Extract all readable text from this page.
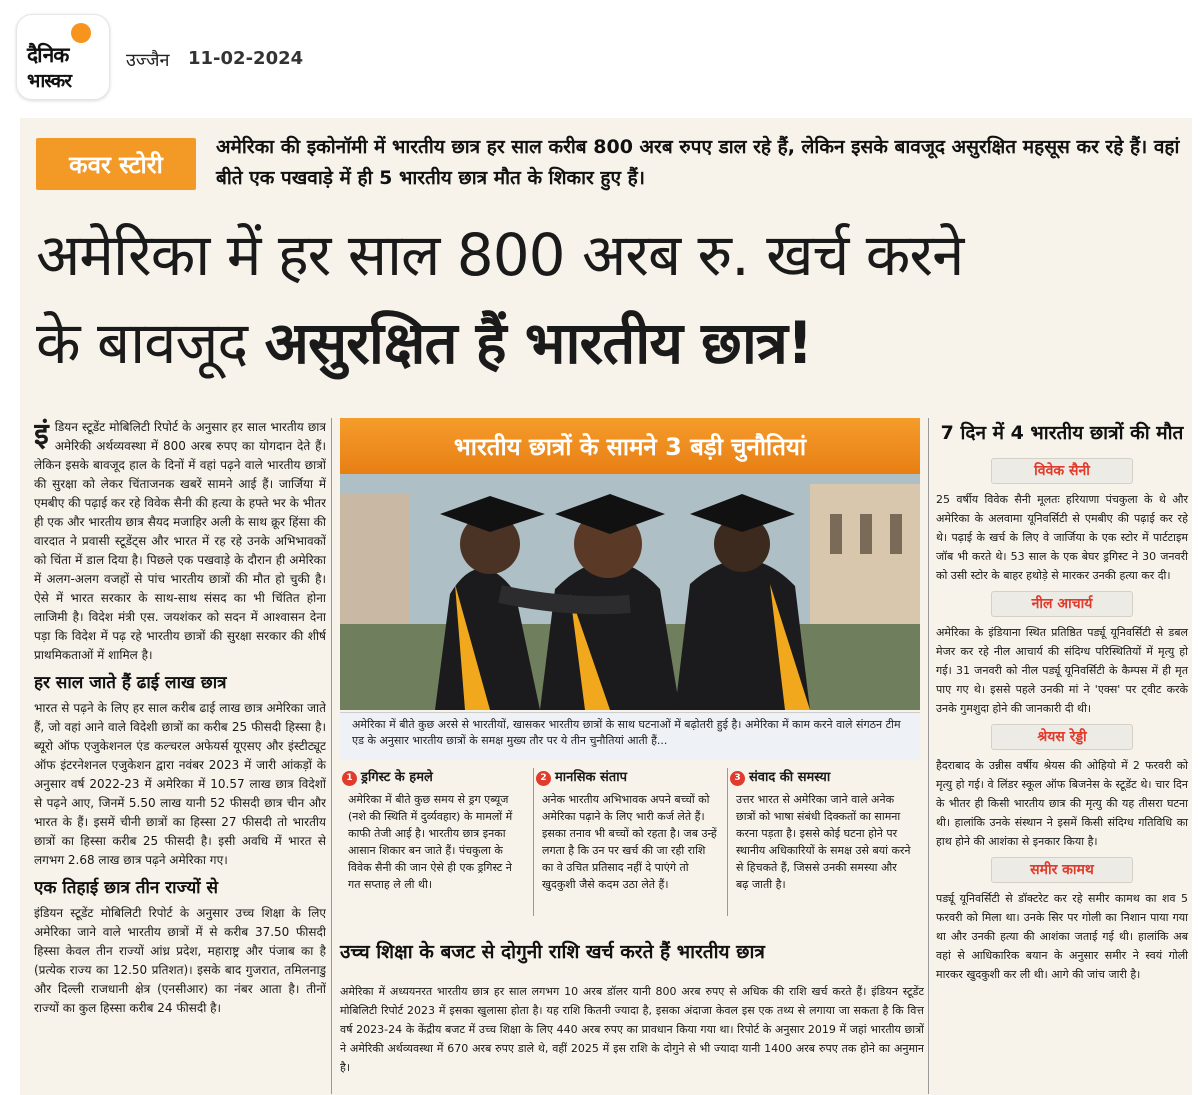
दैनिक
भास्कर
उज्जैन 11-02-2024
कवर स्टोरी
अमेरिका की इकोनॉमी में भारतीय छात्र हर साल करीब 800 अरब रुपए डाल रहे हैं, लेकिन इसके बावजूद असुरक्षित महसूस कर रहे हैं। वहां बीते एक पखवाड़े में ही 5 भारतीय छात्र मौत के शिकार हुए हैं।
अमेरिका में हर साल 800 अरब रु. खर्च करने
के बावजूद असुरक्षित हैं भारतीय छात्र!

इंडियन स्टूडेंट मोबिलिटी रिपोर्ट के अनुसार हर साल भारतीय छात्र अमेरिकी अर्थव्यवस्था में 800 अरब रुपए का योगदान देते हैं। लेकिन इसके बावजूद हाल के दिनों में वहां पढ़ने वाले भारतीय छात्रों की सुरक्षा को लेकर चिंताजनक खबरें सामने आई हैं। जार्जिया में एमबीए की पढ़ाई कर रहे विवेक सैनी की हत्या के हफ्ते भर के भीतर ही एक और भारतीय छात्र सैयद मजाहिर अली के साथ क्रूर हिंसा की वारदात ने प्रवासी स्टूडेंट्स और भारत में रह रहे उनके अभिभावकों को चिंता में डाल दिया है। पिछले एक पखवाड़े के दौरान ही अमेरिका में अलग-अलग वजहों से पांच भारतीय छात्रों की मौत हो चुकी है। ऐसे में भारत सरकार के साथ-साथ संसद का भी चिंतित होना लाजिमी है। विदेश मंत्री एस. जयशंकर को सदन में आश्वासन देना पड़ा कि विदेश में पढ़ रहे भारतीय छात्रों की सुरक्षा सरकार की शीर्ष प्राथमिकताओं में शामिल है।

हर साल जाते हैं ढाई लाख छात्र

भारत से पढ़ने के लिए हर साल करीब ढाई लाख छात्र अमेरिका जाते हैं, जो वहां आने वाले विदेशी छात्रों का करीब 25 फीसदी हिस्सा है। ब्यूरो ऑफ एजुकेशनल एंड कल्चरल अफेयर्स यूएसए और इंस्टीट्यूट ऑफ इंटरनेशनल एजुकेशन द्वारा नवंबर 2023 में जारी आंकड़ों के अनुसार वर्ष 2022-23 में अमेरिका में 10.57 लाख छात्र विदेशों से पढ़ने आए, जिनमें 5.50 लाख यानी 52 फीसदी छात्र चीन और भारत के हैं। इसमें चीनी छात्रों का हिस्सा 27 फीसदी तो भारतीय छात्रों का हिस्सा करीब 25 फीसदी है। इसी अवधि में भारत से लगभग 2.68 लाख छात्र पढ़ने अमेरिका गए।

एक तिहाई छात्र तीन राज्यों से

इंडियन स्टूडेंट मोबिलिटी रिपोर्ट के अनुसार उच्च शिक्षा के लिए अमेरिका जाने वाले भारतीय छात्रों में से करीब 37.50 फीसदी हिस्सा केवल तीन राज्यों आंध्र प्रदेश, महाराष्ट्र और पंजाब का है (प्रत्येक राज्य का 12.50 प्रतिशत)। इसके बाद गुजरात, तमिलनाडु और दिल्ली राजधानी क्षेत्र (एनसीआर) का नंबर आता है। तीनों राज्यों का कुल हिस्सा करीब 24 फीसदी है।

भारतीय छात्रों के सामने 3 बड़ी चुनौतियां
अमेरिका में बीते कुछ अरसे से भारतीयों, खासकर भारतीय छात्रों के साथ घटनाओं में बढ़ोतरी हुई है। अमेरिका में काम करने वाले संगठन टीम एड के अनुसार भारतीय छात्रों के समक्ष मुख्य तौर पर ये तीन चुनौतियां आती हैं...
1 ड्रगिस्ट के हमले

अमेरिका में बीते कुछ समय से ड्रग एब्यूज (नशे की स्थिति में दुर्व्यवहार) के मामलों में काफी तेजी आई है। भारतीय छात्र इनका आसान शिकार बन जाते हैं। पंचकुला के विवेक सैनी की जान ऐसे ही एक ड्रगिस्ट ने गत सप्ताह ले ली थी।

2 मानसिक संताप

अनेक भारतीय अभिभावक अपने बच्चों को अमेरिका पढ़ाने के लिए भारी कर्ज लेते हैं। इसका तनाव भी बच्चों को रहता है। जब उन्हें लगता है कि उन पर खर्च की जा रही राशि का वे उचित प्रतिसाद नहीं दे पाएंगे तो खुदकुशी जैसे कदम उठा लेते हैं।

3 संवाद की समस्या

उत्तर भारत से अमेरिका जाने वाले अनेक छात्रों को भाषा संबंधी दिक्कतों का सामना करना पड़ता है। इससे कोई घटना होने पर स्थानीय अधिकारियों के समक्ष उसे बयां करने से हिचकते हैं, जिससे उनकी समस्या और बढ़ जाती है।

उच्च शिक्षा के बजट से दोगुनी राशि खर्च करते हैं भारतीय छात्र
अमेरिका में अध्ययनरत भारतीय छात्र हर साल लगभग 10 अरब डॉलर यानी 800 अरब रुपए से अधिक की राशि खर्च करते हैं। इंडियन स्टूडेंट मोबिलिटी रिपोर्ट 2023 में इसका खुलासा होता है। यह राशि कितनी ज्यादा है, इसका अंदाजा केवल इस एक तथ्य से लगाया जा सकता है कि वित्त वर्ष 2023-24 के केंद्रीय बजट में उच्च शिक्षा के लिए 440 अरब रुपए का प्रावधान किया गया था। रिपोर्ट के अनुसार 2019 में जहां भारतीय छात्रों ने अमेरिकी अर्थव्यवस्था में 670 अरब रुपए डाले थे, वहीं 2025 में इस राशि के दोगुने से भी ज्यादा यानी 1400 अरब रुपए तक होने का अनुमान है।
7 दिन में 4 भारतीय छात्रों की मौत
विवेक सैनी

25 वर्षीय विवेक सैनी मूलतः हरियाणा पंचकुला के थे और अमेरिका के अलवामा यूनिवर्सिटी से एमबीए की पढ़ाई कर रहे थे। पढ़ाई के खर्च के लिए वे जार्जिया के एक स्टोर में पार्टटाइम जॉब भी करते थे। 53 साल के एक बेघर ड्रगिस्ट ने 30 जनवरी को उसी स्टोर के बाहर हथोड़े से मारकर उनकी हत्या कर दी।

नील आचार्य

अमेरिका के इंडियाना स्थित प्रतिष्ठित पर्ड्यू यूनिवर्सिटी से डबल मेजर कर रहे नील आचार्य की संदिग्ध परिस्थितियों में मृत्यु हो गई। 31 जनवरी को नील पर्ड्यू यूनिवर्सिटी के कैम्पस में ही मृत पाए गए थे। इससे पहले उनकी मां ने 'एक्स' पर ट्वीट करके उनके गुमशुदा होने की जानकारी दी थी।

श्रेयस रेड्डी

हैदराबाद के उन्नीस वर्षीय श्रेयस की ओहियो में 2 फरवरी को मृत्यु हो गई। वे लिंडर स्कूल ऑफ बिजनेस के स्टूडेंट थे। चार दिन के भीतर ही किसी भारतीय छात्र की मृत्यु की यह तीसरा घटना थी। हालांकि उनके संस्थान ने इसमें किसी संदिग्ध गतिविधि का हाथ होने की आशंका से इनकार किया है।

समीर कामथ

पर्ड्यू यूनिवर्सिटी से डॉक्टरेट कर रहे समीर कामथ का शव 5 फरवरी को मिला था। उनके सिर पर गोली का निशान पाया गया था और उनकी हत्या की आशंका जताई गई थी। हालांकि अब वहां से आधिकारिक बयान के अनुसार समीर ने स्वयं गोली मारकर खुदकुशी कर ली थी। आगे की जांच जारी है।
